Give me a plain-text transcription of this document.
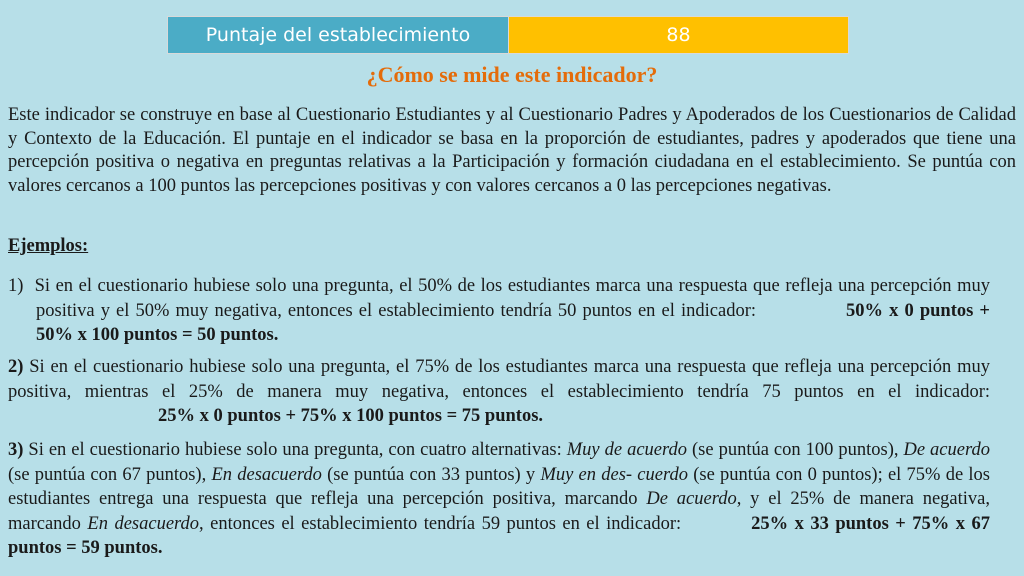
Puntaje del establecimiento	88
¿Cómo se mide este indicador?

Este indicador se construye en base al Cuestionario Estudiantes y al Cuestionario Padres y Apoderados de los Cuestionarios de Calidad y Contexto de la Educación. El puntaje en el indicador se basa en la proporción de estudiantes, padres y apoderados que tiene una percepción positiva o negativa en preguntas relativas a la Participación y formación ciudadana en el establecimiento. Se puntúa con valores cercanos a 100 puntos las percepciones positivas y con valores cercanos a 0 las percepciones negativas.

Ejemplos:

1) Si en el cuestionario hubiese solo una pregunta, el 50% de los estudiantes marca una respuesta que refleja una percepción muy positiva y el 50% muy negativa, entonces el establecimiento tendría 50 puntos en el indicador:	50% x 0 puntos + 50% x 100 puntos = 50 puntos.

2) Si en el cuestionario hubiese solo una pregunta, el 75% de los estudiantes marca una respuesta que refleja una percepción muy positiva, mientras el 25% de manera muy negativa, entonces el establecimiento tendría 75 puntos en el indicador:25% x 0 puntos + 75% x 100 puntos = 75 puntos.

3) Si en el cuestionario hubiese solo una pregunta, con cuatro alternativas: Muy de acuerdo (se puntúa con 100 puntos), De acuerdo (se puntúa con 67 puntos), En desacuerdo (se puntúa con 33 puntos) y Muy en des- cuerdo (se puntúa con 0 puntos); el 75% de los estudiantes entrega una respuesta que refleja una percepción positiva, marcando De acuerdo, y el 25% de manera negativa, marcando En desacuerdo, entonces el establecimiento tendría 59 puntos en el indicador:	25% x 33 puntos + 75% x 67 puntos = 59 puntos.
